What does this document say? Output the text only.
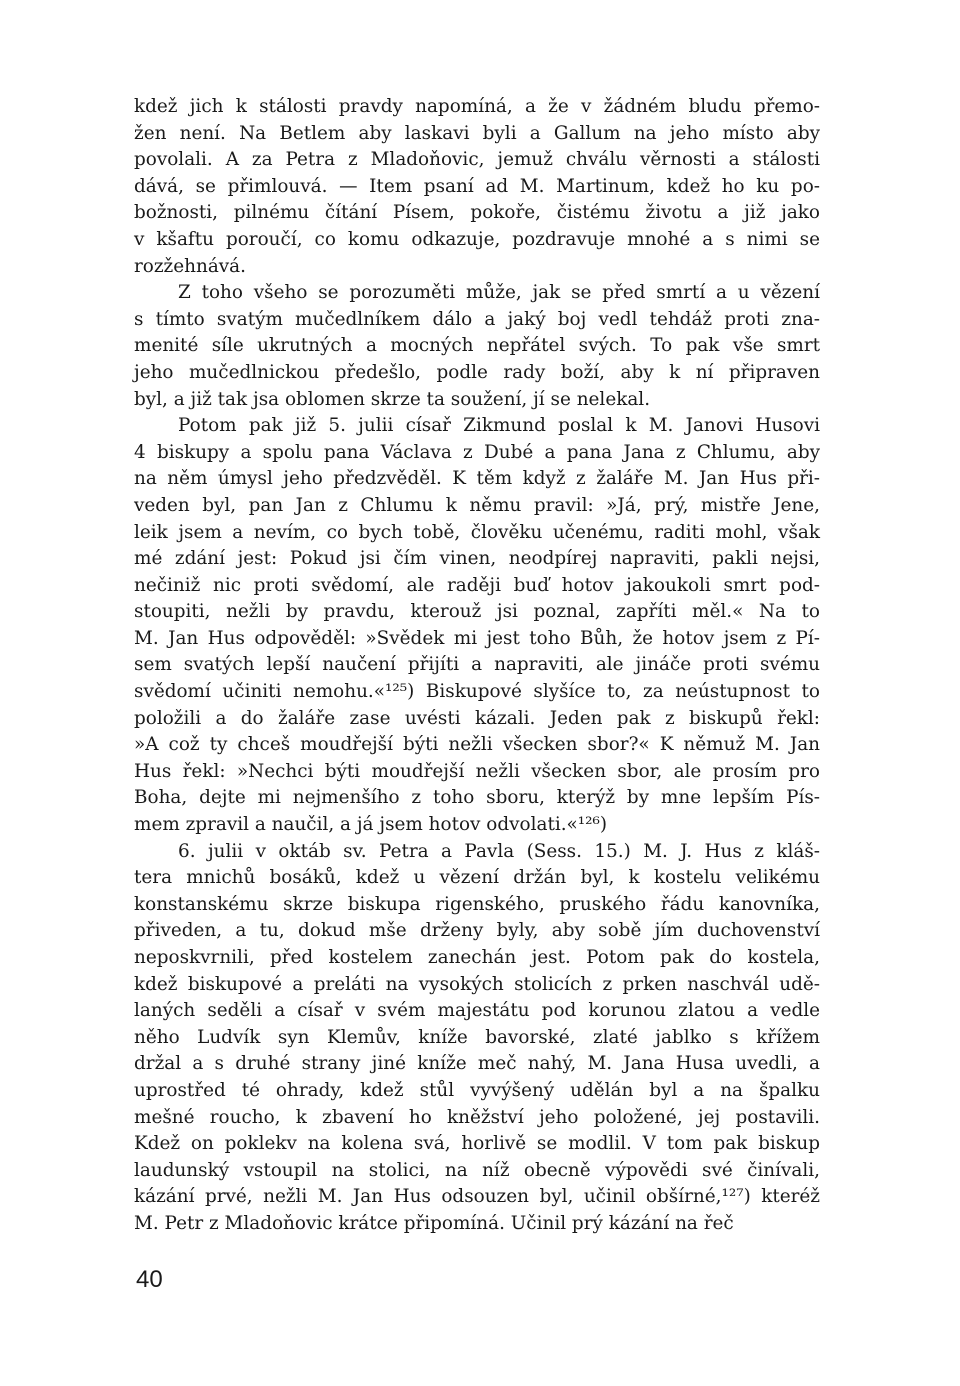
kdež jich k stálosti pravdy napomíná, a že v žádném bludu přemo-
žen není. Na Betlem aby laskavi byli a Gallum na jeho místo aby
povolali. A za Petra z Mladoňovic, jemuž chválu věrnosti a stálosti
dává, se přimlouvá. — Item psaní ad M. Martinum, kdež ho ku po-
božnosti, pilnému čítání Písem, pokoře, čistému životu a již jako
v kšaftu poroučí, co komu odkazuje, pozdravuje mnohé a s nimi se
rozžehnává.
Z toho všeho se porozuměti může, jak se před smrtí a u vězení
s tímto svatým mučedlníkem dálo a jaký boj vedl tehdáž proti zna-
menité síle ukrutných a mocných nepřátel svých. To pak vše smrt
jeho mučedlnickou předešlo, podle rady boží, aby k ní připraven
byl, a již tak jsa oblomen skrze ta soužení, jí se nelekal.
Potom pak již 5. julii císař Zikmund poslal k M. Janovi Husovi
4 biskupy a spolu pana Václava z Dubé a pana Jana z Chlumu, aby
na něm úmysl jeho předzvěděl. K těm když z žaláře M. Jan Hus při-
veden byl, pan Jan z Chlumu k němu pravil: »Já, prý, mistře Jene,
leik jsem a nevím, co bych tobě, člověku učenému, raditi mohl, však
mé zdání jest: Pokud jsi čím vinen, neodpírej napraviti, pakli nejsi,
nečiniž nic proti svědomí, ale raději buď hotov jakoukoli smrt pod-
stoupiti, nežli by pravdu, kterouž jsi poznal, zapříti měl.« Na to
M. Jan Hus odpověděl: »Svědek mi jest toho Bůh, že hotov jsem z Pí-
sem svatých lepší naučení přijíti a napraviti, ale jináče proti svému
svědomí učiniti nemohu.«¹²⁵) Biskupové slyšíce to, za neústupnost to
položili a do žaláře zase uvésti kázali. Jeden pak z biskupů řekl:
»A což ty chceš moudřejší býti nežli všecken sbor?« K němuž M. Jan
Hus řekl: »Nechci býti moudřejší nežli všecken sbor, ale prosím pro
Boha, dejte mi nejmenšího z toho sboru, kterýž by mne lepším Pís-
mem zpravil a naučil, a já jsem hotov odvolati.«¹²⁶)
6. julii v oktáb sv. Petra a Pavla (Sess. 15.) M. J. Hus z kláš-
tera mnichů bosáků, kdež u vězení držán byl, k kostelu velikému
konstanskému skrze biskupa rigenského, pruského řádu kanovníka,
přiveden, a tu, dokud mše drženy byly, aby sobě jím duchovenství
neposkvrnili, před kostelem zanechán jest. Potom pak do kostela,
kdež biskupové a preláti na vysokých stolicích z prken naschvál udě-
laných seděli a císař v svém majestátu pod korunou zlatou a vedle
něho Ludvík syn Klemův, kníže bavorské, zlaté jablko s křížem
držal a s druhé strany jiné kníže meč nahý, M. Jana Husa uvedli, a
uprostřed té ohrady, kdež stůl vyvýšený udělán byl a na špalku
mešné roucho, k zbavení ho kněžství jeho položené, jej postavili.
Kdež on poklekv na kolena svá, horlivě se modlil. V tom pak biskup
laudunský vstoupil na stolici, na níž obecně výpovědi své činívali,
kázání prvé, nežli M. Jan Hus odsouzen byl, učinil obšírné,¹²⁷) kteréž
M. Petr z Mladoňovic krátce připomíná. Učinil prý kázání na řeč
40
